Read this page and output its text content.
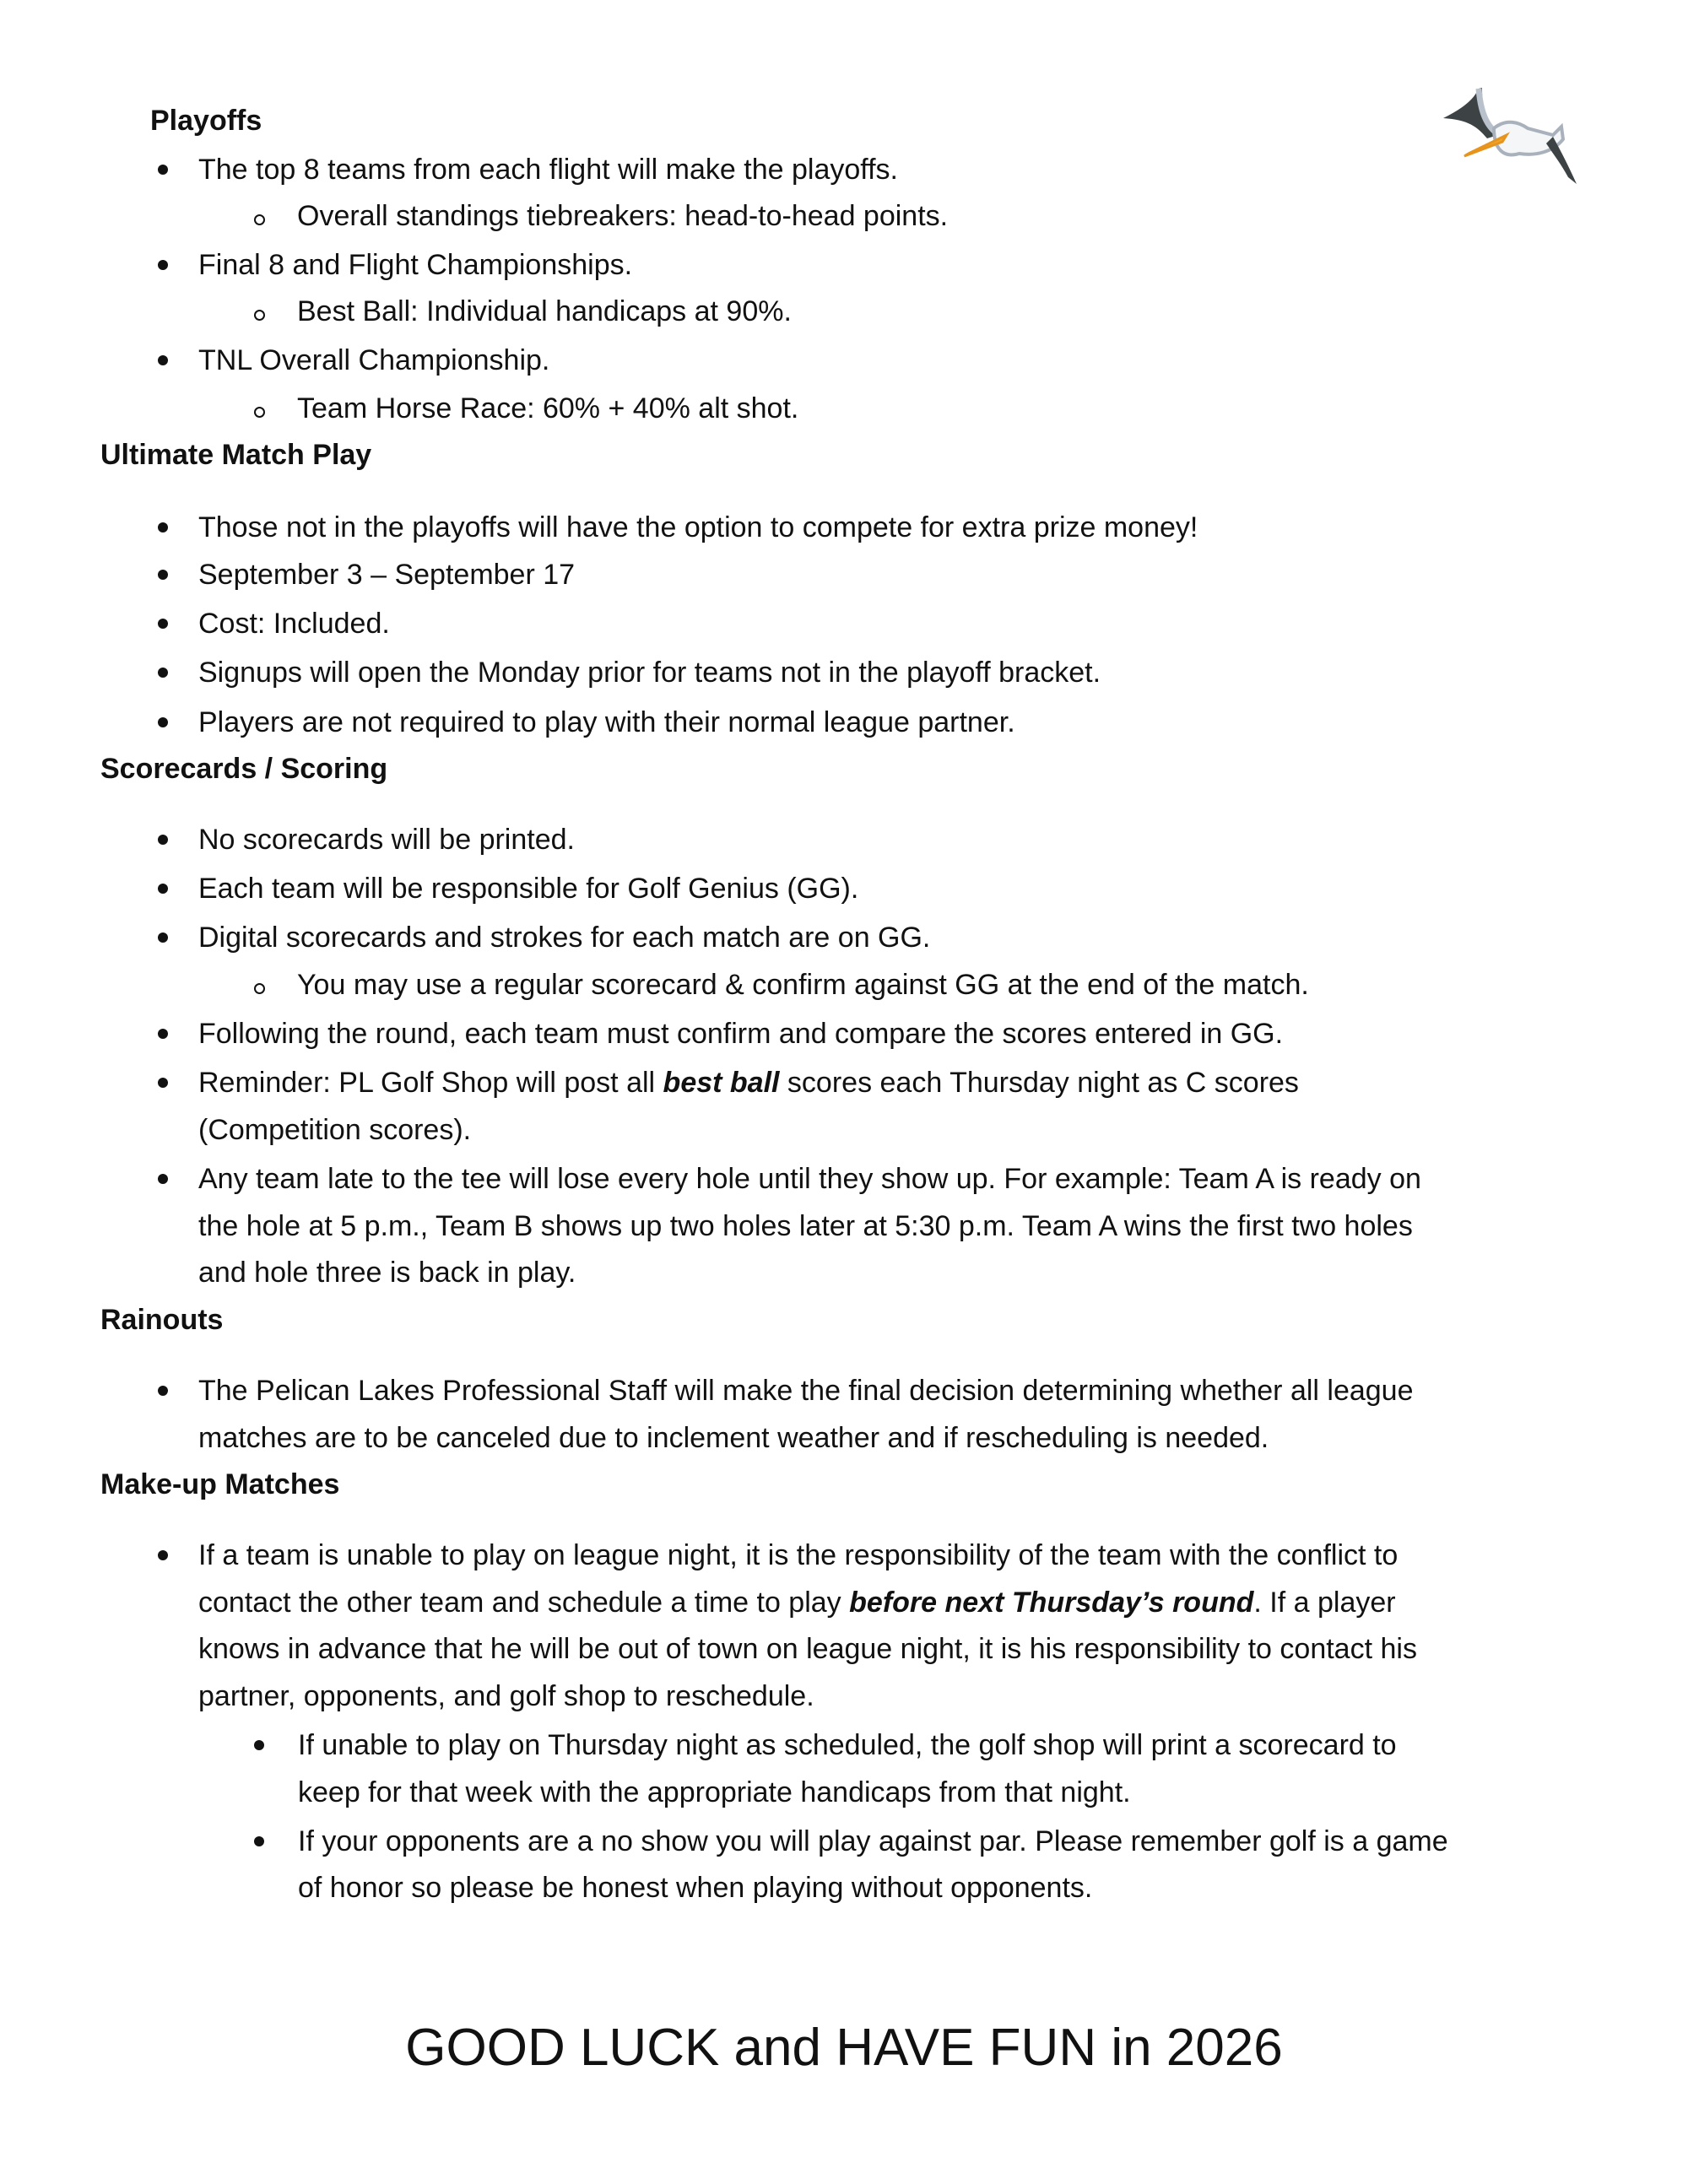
Playoffs
The top 8 teams from each flight will make the playoffs.
Overall standings tiebreakers: head-to-head points.
Final 8 and Flight Championships.
Best Ball: Individual handicaps at 90%.
TNL Overall Championship.
Team Horse Race: 60% + 40% alt shot.
Ultimate Match Play
Those not in the playoffs will have the option to compete for extra prize money!
September 3 – September 17
Cost: Included.
Signups will open the Monday prior for teams not in the playoff bracket.
Players are not required to play with their normal league partner.
Scorecards / Scoring
No scorecards will be printed.
Each team will be responsible for Golf Genius (GG).
Digital scorecards and strokes for each match are on GG.
You may use a regular scorecard & confirm against GG at the end of the match.
Following the round, each team must confirm and compare the scores entered in GG.
Reminder: PL Golf Shop will post all best ball scores each Thursday night as C scores
(Competition scores).
Any team late to the tee will lose every hole until they show up. For example: Team A is ready on
the hole at 5 p.m., Team B shows up two holes later at 5:30 p.m. Team A wins the first two holes
and hole three is back in play.
Rainouts
The Pelican Lakes Professional Staff will make the final decision determining whether all league
matches are to be canceled due to inclement weather and if rescheduling is needed.
Make-up Matches
If a team is unable to play on league night, it is the responsibility of the team with the conflict to
contact the other team and schedule a time to play before next Thursday’s round. If a player
knows in advance that he will be out of town on league night, it is his responsibility to contact his
partner, opponents, and golf shop to reschedule.
If unable to play on Thursday night as scheduled, the golf shop will print a scorecard to
keep for that week with the appropriate handicaps from that night.
If your opponents are a no show you will play against par. Please remember golf is a game
of honor so please be honest when playing without opponents.
GOOD LUCK and HAVE FUN in 2026
